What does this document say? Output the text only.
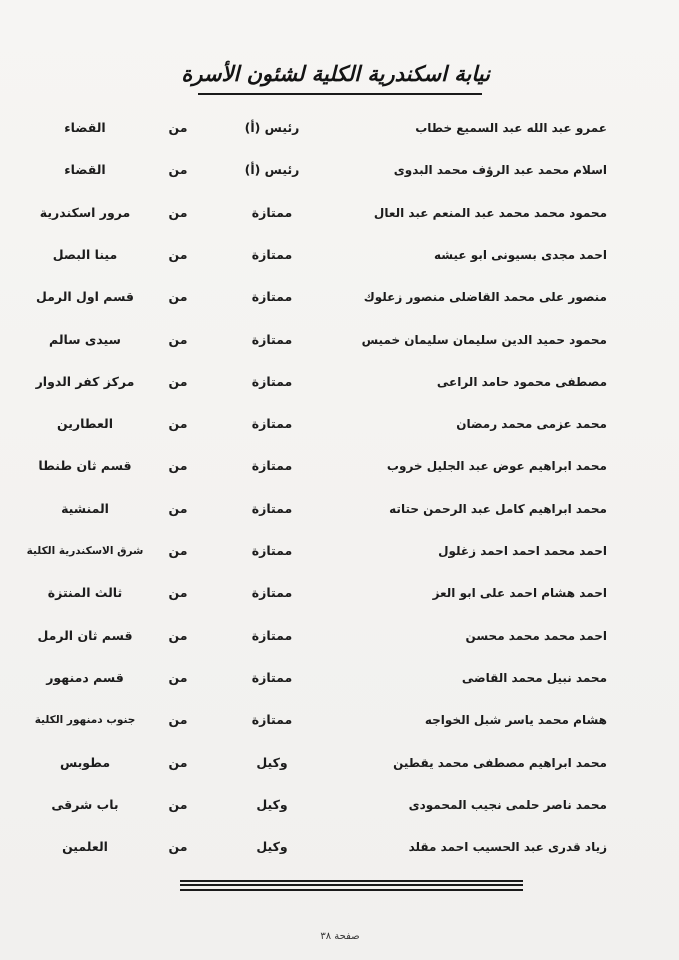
نيابة اسكندرية الكلية لشئون الأسرة
عمرو عبد الله عبد السميع خطاب
رئيس (أ)
من
القضاء
اسلام محمد عبد الرؤف محمد البدوى
رئيس (أ)
من
القضاء
محمود محمد محمد عبد المنعم عبد العال
ممتازة
من
مرور اسكندرية
احمد مجدى بسيونى ابو عيشه
ممتازة
من
مينا البصل
منصور على محمد القاضلى منصور زعلوك
ممتازة
من
قسم اول الرمل
محمود حميد الدين سليمان سليمان خميس
ممتازة
من
سيدى سالم
مصطفى محمود حامد الراعى
ممتازة
من
مركز كفر الدوار
محمد عزمى محمد رمضان
ممتازة
من
العطارين
محمد ابراهيم عوض عبد الجليل خروب
ممتازة
من
قسم ثان طنطا
محمد ابراهيم كامل عبد الرحمن حتاته
ممتازة
من
المنشية
احمد محمد احمد احمد زغلول
ممتازة
من
شرق الاسكندرية الكلية
احمد هشام احمد على ابو العز
ممتازة
من
ثالث المنتزة
احمد محمد محمد محسن
ممتازة
من
قسم ثان الرمل
محمد نبيل محمد القاضى
ممتازة
من
قسم دمنهور
هشام محمد ياسر شبل الخواجه
ممتازة
من
جنوب دمنهور الكلية
محمد ابراهيم مصطفى محمد يقطين
وكيل
من
مطوبس
محمد ناصر حلمى نجيب المحمودى
وكيل
من
باب شرقى
زياد قدرى عبد الحسيب احمد مقلد
وكيل
من
العلمين
صفحة ٣٨
